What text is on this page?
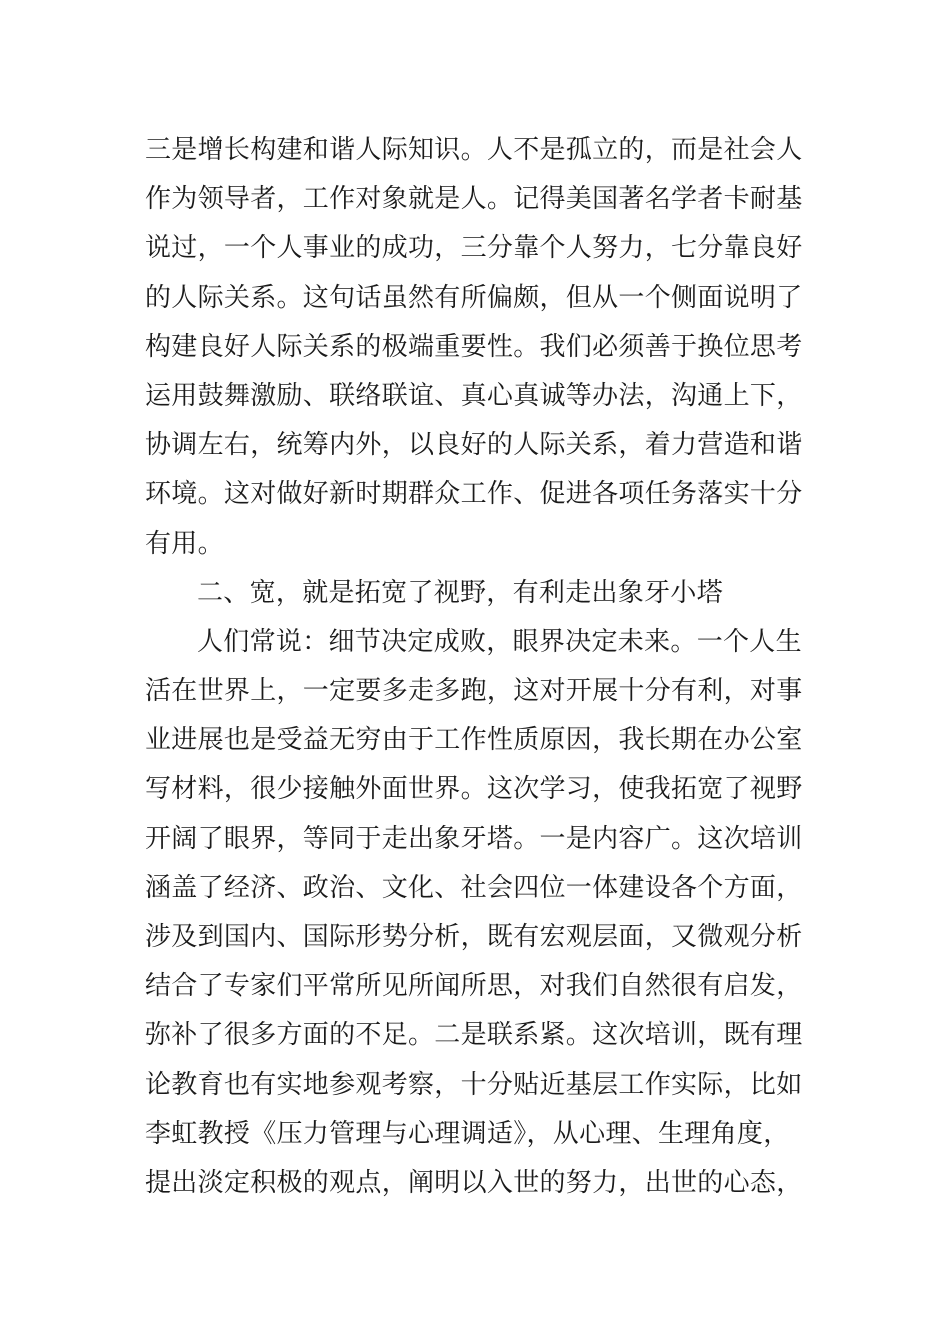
三是增长构建和谐人际知识。人不是孤立的，而是社会人
作为领导者，工作对象就是人。记得美国著名学者卡耐基
说过，一个人事业的成功，三分靠个人努力，七分靠良好
的人际关系。这句话虽然有所偏颇，但从一个侧面说明了
构建良好人际关系的极端重要性。我们必须善于换位思考
运用鼓舞激励、联络联谊、真心真诚等办法，沟通上下，
协调左右，统筹内外，以良好的人际关系，着力营造和谐
环境。这对做好新时期群众工作、促进各项任务落实十分
有用。
二、宽，就是拓宽了视野，有利走出象牙小塔
人们常说：细节决定成败，眼界决定未来。一个人生
活在世界上，一定要多走多跑，这对开展十分有利，对事
业进展也是受益无穷由于工作性质原因，我长期在办公室
写材料，很少接触外面世界。这次学习，使我拓宽了视野
开阔了眼界，等同于走出象牙塔。一是内容广。这次培训
涵盖了经济、政治、文化、社会四位一体建设各个方面，
涉及到国内、国际形势分析，既有宏观层面，又微观分析
结合了专家们平常所见所闻所思，对我们自然很有启发，
弥补了很多方面的不足。二是联系紧。这次培训，既有理
论教育也有实地参观考察，十分贴近基层工作实际，比如
李虹教授《压力管理与心理调适》，从心理、生理角度，
提出淡定积极的观点，阐明以入世的努力，出世的心态，
